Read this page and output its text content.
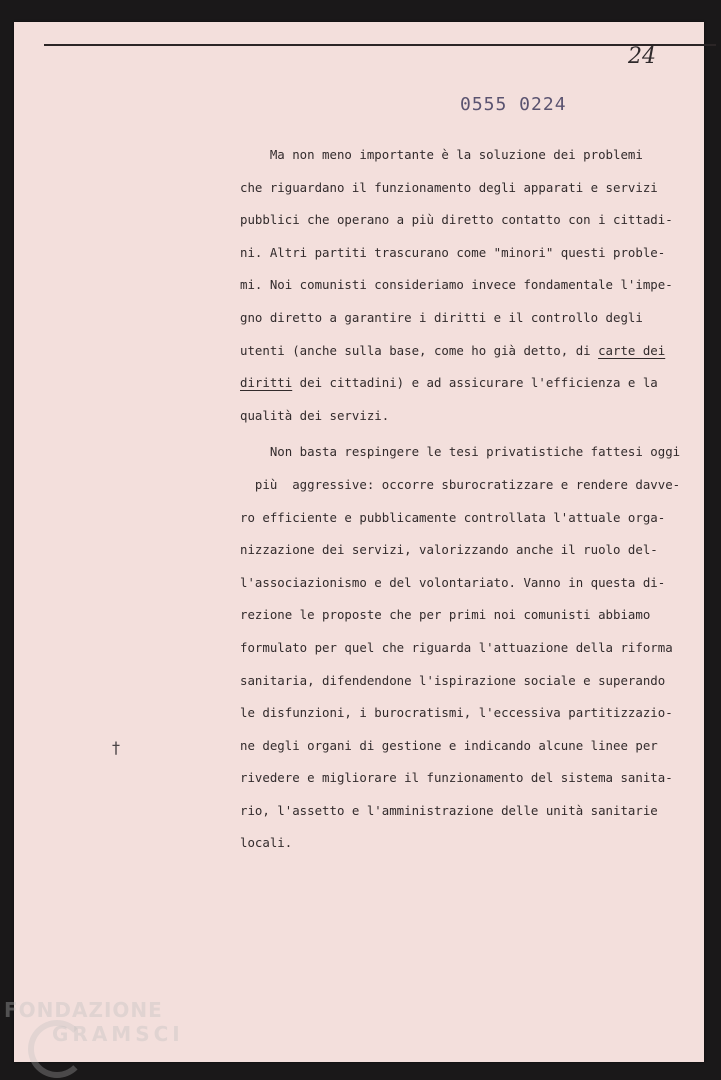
24
0555 0224
Ma non meno importante è la soluzione dei problemi
che riguardano il funzionamento degli apparati e servizi
pubblici che operano a più diretto contatto con i cittadi-
ni. Altri partiti trascurano come "minori" questi proble-
mi. Noi comunisti consideriamo invece fondamentale l'impe-
gno diretto a garantire i diritti e il controllo degli
utenti (anche sulla base, come ho già detto, di carte dei
diritti dei cittadini) e ad assicurare l'efficienza e la
qualità dei servizi.
Non basta respingere le tesi privatistiche fattesi oggi
più  aggressive: occorre sburocratizzare e rendere davve-
ro efficiente e pubblicamente controllata l'attuale orga-
nizzazione dei servizi, valorizzando anche il ruolo del-
l'associazionismo e del volontariato. Vanno in questa di-
rezione le proposte che per primi noi comunisti abbiamo
formulato per quel che riguarda l'attuazione della riforma
sanitaria, difendendone l'ispirazione sociale e superando
le disfunzioni, i burocratismi, l'eccessiva partitizzazio-
ne degli organi di gestione e indicando alcune linee per
rivedere e migliorare il funzionamento del sistema sanita-
rio, l'assetto e l'amministrazione delle unità sanitarie
locali.
†
FONDAZIONE
GRAMSCI
